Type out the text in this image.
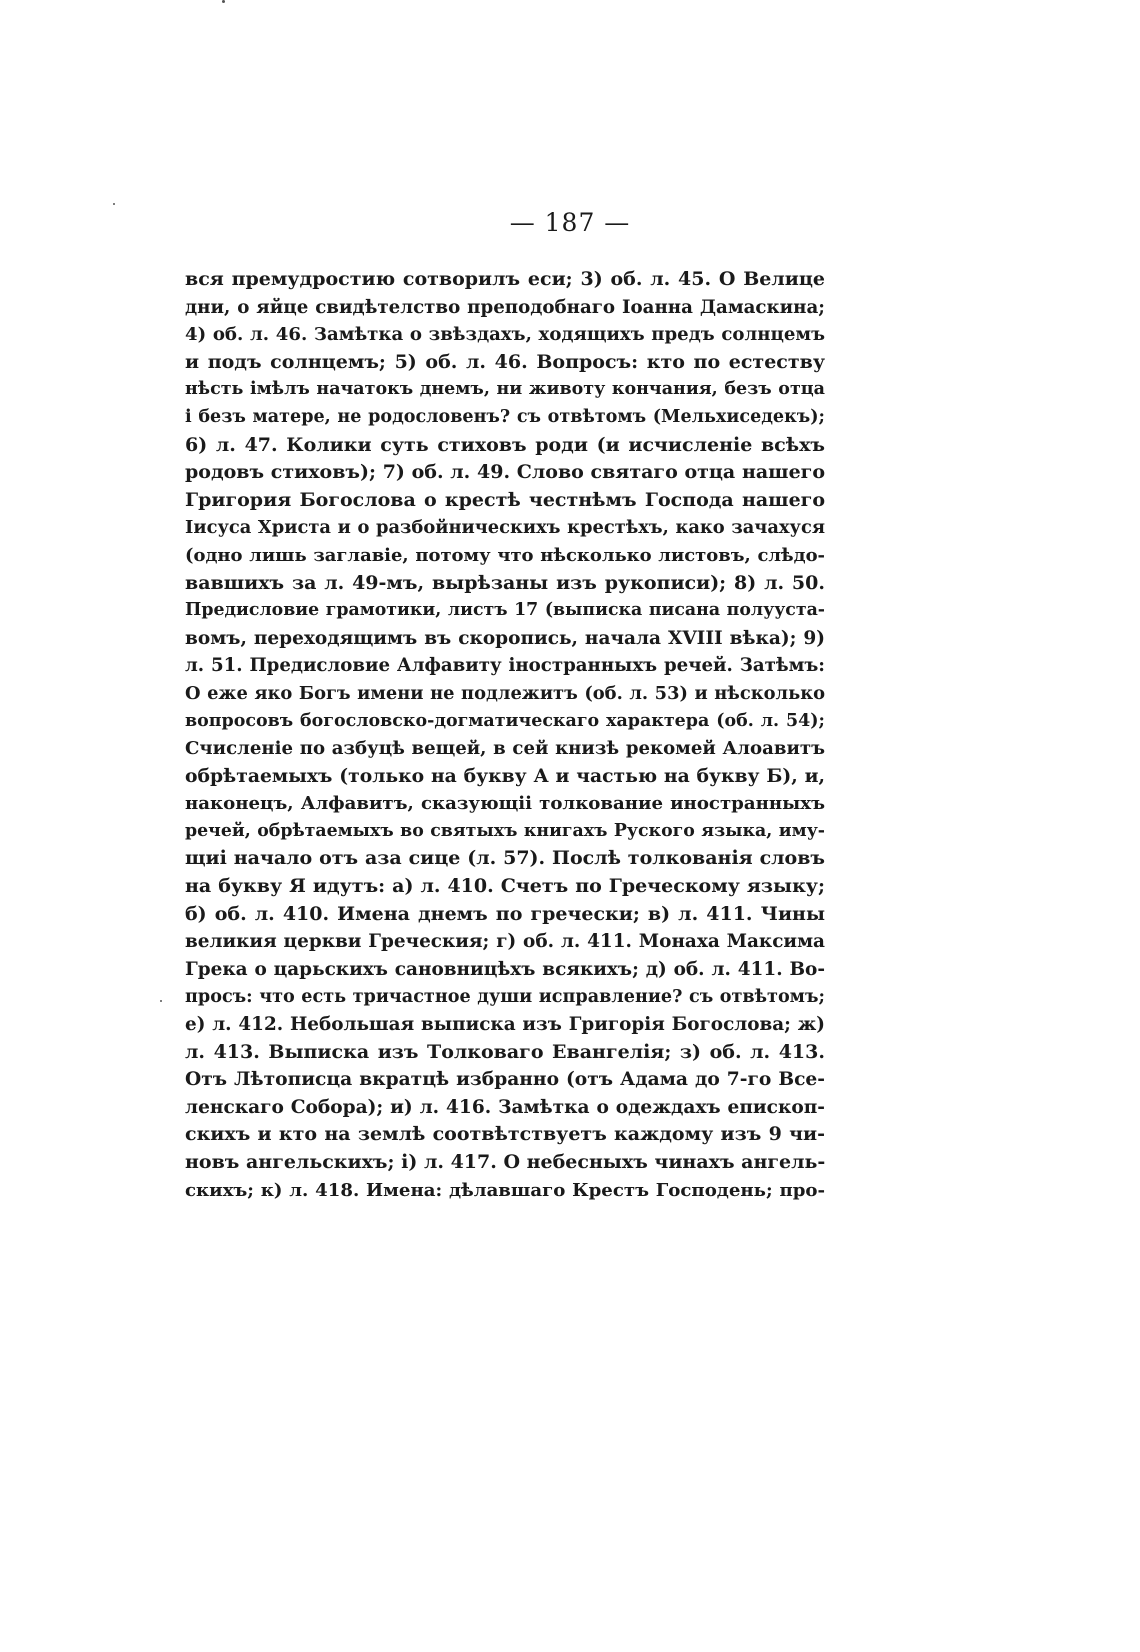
— 187 —
вся премудростию сотворилъ еси; 3) об. л. 45. О Велице
дни, о яйце свидѣтелство преподобнаго Іоанна Дамаскина;
4) об. л. 46. Замѣтка о звѣздахъ, ходящихъ предъ солнцемъ
и подъ солнцемъ; 5) об. л. 46. Вопросъ: кто по естеству
нѣсть імѣлъ начатокъ днемъ, ни животу кончания, безъ отца
і безъ матере, не родословенъ? съ отвѣтомъ (Мельхиседекъ);
6) л. 47. Колики суть стиховъ роди (и исчисленіе всѣхъ
родовъ стиховъ); 7) об. л. 49. Слово святаго отца нашего
Григория Богослова о крестѣ честнѣмъ Господа нашего
Іисуса Христа и о разбойническихъ крестѣхъ, како зачахуся
(одно лишь заглавіе, потому что нѣсколько листовъ, слѣдо-
вавшихъ за л. 49-мъ, вырѣзаны изъ рукописи); 8) л. 50.
Предисловие грамотики, листъ 17 (выписка писана полууста-
вомъ, переходящимъ въ скоропись, начала XVIII вѣка); 9)
л. 51. Предисловие Алфавиту іностранныхъ речей. Затѣмъ:
О еже яко Богъ имени не подлежитъ (об. л. 53) и нѣсколько
вопросовъ богословско-догматическаго характера (об. л. 54);
Счисленіе по азбуцѣ вещей, в сей книзѣ рекомей Алоавитъ
обрѣтаемыхъ (только на букву А и частью на букву Б), и,
наконецъ, Алфавитъ, сказующіі толкование иностранныхъ
речей, обрѣтаемыхъ во святыхъ книгахъ Руского языка, иму-
щиі начало отъ аза сице (л. 57). Послѣ толкованія словъ
на букву Я идутъ: а) л. 410. Счетъ по Греческому языку;
б) об. л. 410. Имена днемъ по гречески; в) л. 411. Чины
великия церкви Греческия; г) об. л. 411. Монаха Максима
Грека о царьскихъ сановницѣхъ всякихъ; д) об. л. 411. Во-
просъ: что есть тричастное души исправление? съ отвѣтомъ;
е) л. 412. Небольшая выписка изъ Григорія Богослова; ж)
л. 413. Выписка изъ Толковаго Евангелія; з) об. л. 413.
Отъ Лѣтописца вкратцѣ избранно (отъ Адама до 7-го Все-
ленскаго Собора); и) л. 416. Замѣтка о одеждахъ епископ-
скихъ и кто на землѣ соотвѣтствуетъ каждому изъ 9 чи-
новъ ангельскихъ; і) л. 417. О небесныхъ чинахъ ангель-
скихъ; к) л. 418. Имена: дѣлавшаго Крестъ Господень; про-
